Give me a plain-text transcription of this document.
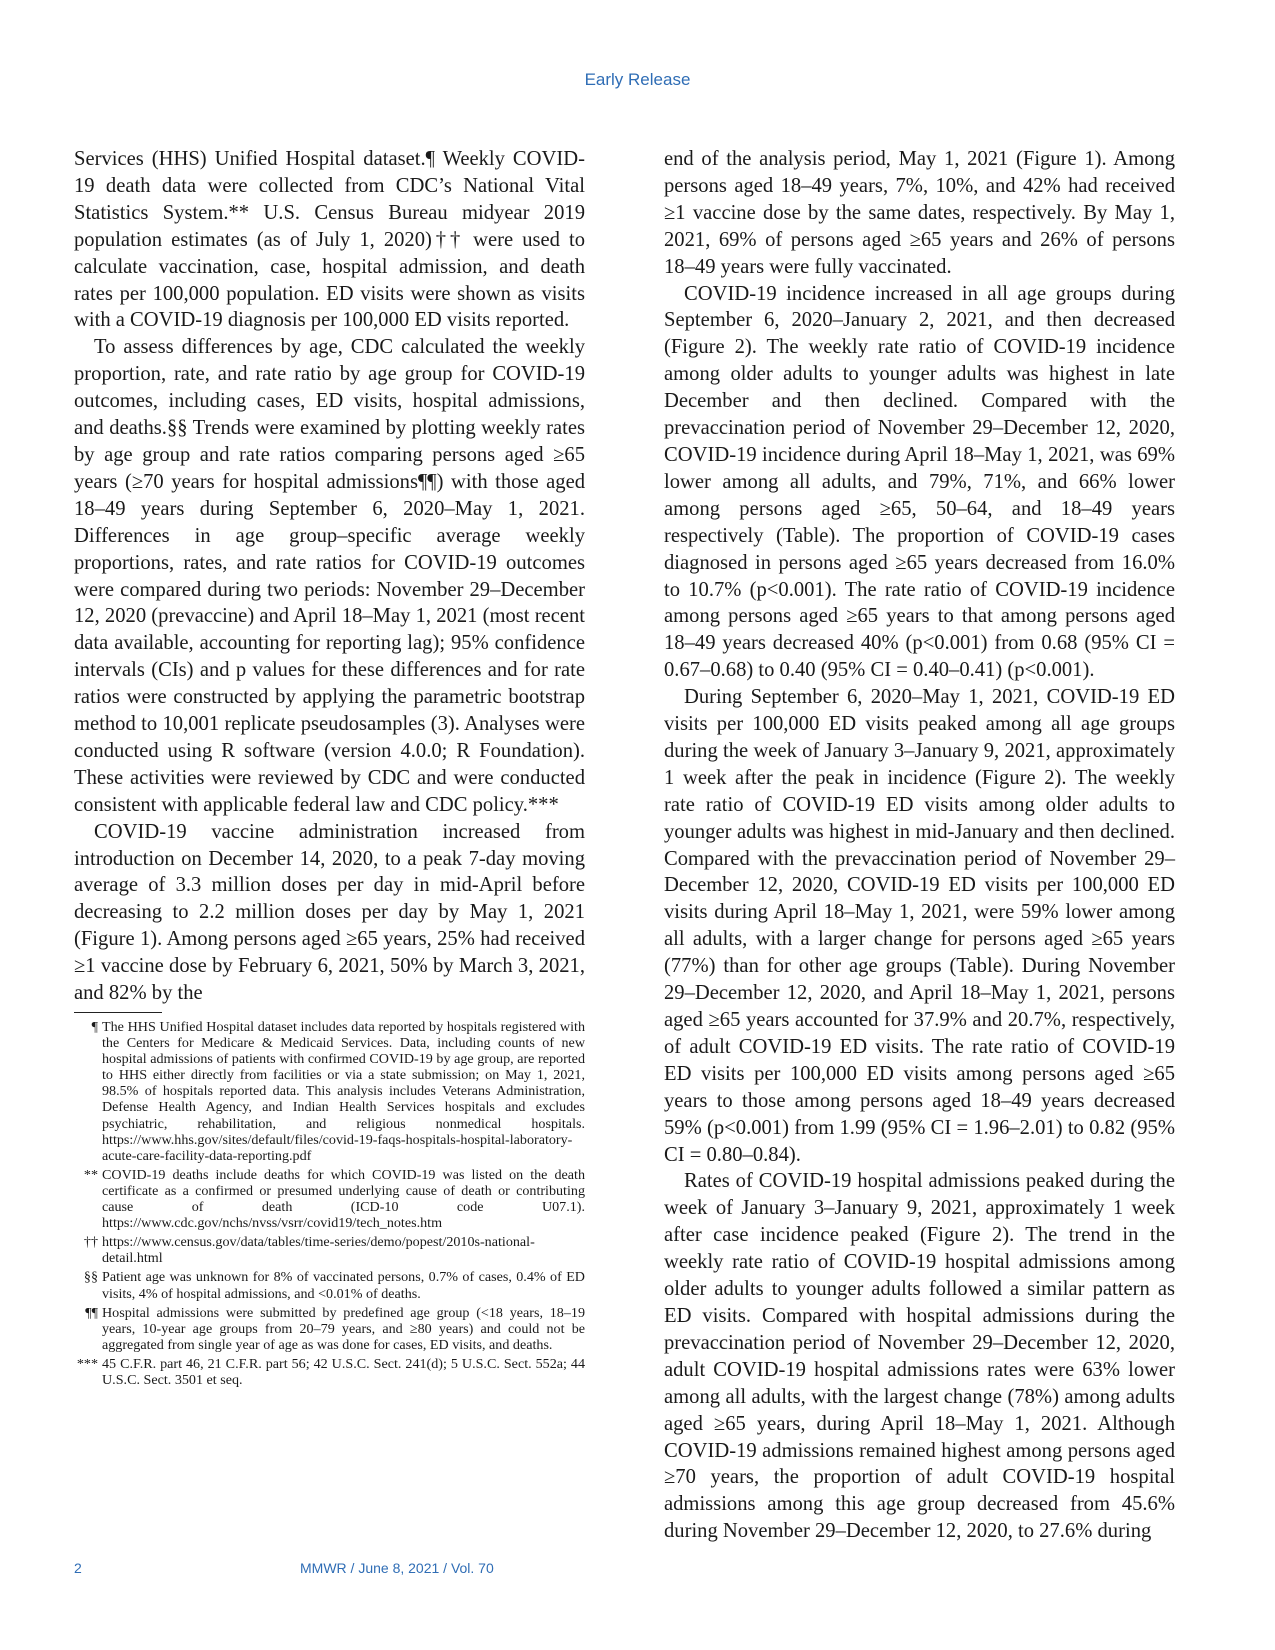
Early Release

Services (HHS) Unified Hospital dataset.¶ Weekly COVID-19 death data were collected from CDC’s National Vital Statistics System.** U.S. Census Bureau midyear 2019 population estimates (as of July 1, 2020)†† were used to calculate vaccination, case, hospital admission, and death rates per 100,000 population. ED visits were shown as visits with a COVID-19 diagnosis per 100,000 ED visits reported.

To assess differences by age, CDC calculated the weekly proportion, rate, and rate ratio by age group for COVID-19 outcomes, including cases, ED visits, hospital admissions, and deaths.§§ Trends were examined by plotting weekly rates by age group and rate ratios comparing persons aged ≥65 years (≥70 years for hospital admissions¶¶) with those aged 18–49 years during September 6, 2020–May 1, 2021. Differences in age group–specific average weekly proportions, rates, and rate ratios for COVID-19 outcomes were compared during two periods: November 29–December 12, 2020 (prevaccine) and April 18–May 1, 2021 (most recent data available, accounting for reporting lag); 95% confidence intervals (CIs) and p values for these differences and for rate ratios were constructed by applying the parametric bootstrap method to 10,001 replicate pseudosamples (3). Analyses were conducted using R software (version 4.0.0; R Foundation). These activities were reviewed by CDC and were conducted consistent with applicable federal law and CDC policy.***

COVID-19 vaccine administration increased from introduction on December 14, 2020, to a peak 7-day moving average of 3.3 million doses per day in mid-April before decreasing to 2.2 million doses per day by May 1, 2021 (Figure 1). Among persons aged ≥65 years, 25% had received ≥1 vaccine dose by February 6, 2021, 50% by March 3, 2021, and 82% by the

end of the analysis period, May 1, 2021 (Figure 1). Among persons aged 18–49 years, 7%, 10%, and 42% had received ≥1 vaccine dose by the same dates, respectively. By May 1, 2021, 69% of persons aged ≥65 years and 26% of persons 18–49 years were fully vaccinated.

COVID-19 incidence increased in all age groups during September 6, 2020–January 2, 2021, and then decreased (Figure 2). The weekly rate ratio of COVID-19 incidence among older adults to younger adults was highest in late December and then declined. Compared with the prevaccination period of November 29–December 12, 2020, COVID-19 incidence during April 18–May 1, 2021, was 69% lower among all adults, and 79%, 71%, and 66% lower among persons aged ≥65, 50–64, and 18–49 years respectively (Table). The proportion of COVID-19 cases diagnosed in persons aged ≥65 years decreased from 16.0% to 10.7% (p<0.001). The rate ratio of COVID-19 incidence among persons aged ≥65 years to that among persons aged 18–49 years decreased 40% (p<0.001) from 0.68 (95% CI = 0.67–0.68) to 0.40 (95% CI = 0.40–0.41) (p<0.001).

During September 6, 2020–May 1, 2021, COVID-19 ED visits per 100,000 ED visits peaked among all age groups during the week of January 3–January 9, 2021, approximately 1 week after the peak in incidence (Figure 2). The weekly rate ratio of COVID-19 ED visits among older adults to younger adults was highest in mid-January and then declined. Compared with the prevaccination period of November 29–December 12, 2020, COVID-19 ED visits per 100,000 ED visits during April 18–May 1, 2021, were 59% lower among all adults, with a larger change for persons aged ≥65 years (77%) than for other age groups (Table). During November 29–December 12, 2020, and April 18–May 1, 2021, persons aged ≥65 years accounted for 37.9% and 20.7%, respectively, of adult COVID-19 ED visits. The rate ratio of COVID-19 ED visits per 100,000 ED visits among persons aged ≥65 years to those among persons aged 18–49 years decreased 59% (p<0.001) from 1.99 (95% CI = 1.96–2.01) to 0.82 (95% CI = 0.80–0.84).

Rates of COVID-19 hospital admissions peaked during the week of January 3–January 9, 2021, approximately 1 week after case incidence peaked (Figure 2). The trend in the weekly rate ratio of COVID-19 hospital admissions among older adults to younger adults followed a similar pattern as ED visits. Compared with hospital admissions during the prevaccination period of November 29–December 12, 2020, adult COVID-19 hospital admissions rates were 63% lower among all adults, with the largest change (78%) among adults aged ≥65 years, during April 18–May 1, 2021. Although COVID-19 admissions remained highest among persons aged ≥70 years, the proportion of adult COVID-19 hospital admissions among this age group decreased from 45.6% during November 29–December 12, 2020, to 27.6% during

¶ The HHS Unified Hospital dataset includes data reported by hospitals registered with the Centers for Medicare & Medicaid Services. Data, including counts of new hospital admissions of patients with confirmed COVID-19 by age group, are reported to HHS either directly from facilities or via a state submission; on May 1, 2021, 98.5% of hospitals reported data. This analysis includes Veterans Administration, Defense Health Agency, and Indian Health Services hospitals and excludes psychiatric, rehabilitation, and religious nonmedical hospitals. https://www.hhs.gov/sites/default/files/covid-19-faqs-hospitals-hospital-laboratory-acute-care-facility-data-reporting.pdf
** COVID-19 deaths include deaths for which COVID-19 was listed on the death certificate as a confirmed or presumed underlying cause of death or contributing cause of death (ICD-10 code U07.1). https://www.cdc.gov/nchs/nvss/vsrr/covid19/tech_notes.htm
†† https://www.census.gov/data/tables/time-series/demo/popest/2010s-national-detail.html
§§ Patient age was unknown for 8% of vaccinated persons, 0.7% of cases, 0.4% of ED visits, 4% of hospital admissions, and <0.01% of deaths.
¶¶ Hospital admissions were submitted by predefined age group (<18 years, 18–19 years, 10-year age groups from 20–79 years, and ≥80 years) and could not be aggregated from single year of age as was done for cases, ED visits, and deaths.
*** 45 C.F.R. part 46, 21 C.F.R. part 56; 42 U.S.C. Sect. 241(d); 5 U.S.C. Sect. 552a; 44 U.S.C. Sect. 3501 et seq.
2	MMWR / June 8, 2021 / Vol. 70
